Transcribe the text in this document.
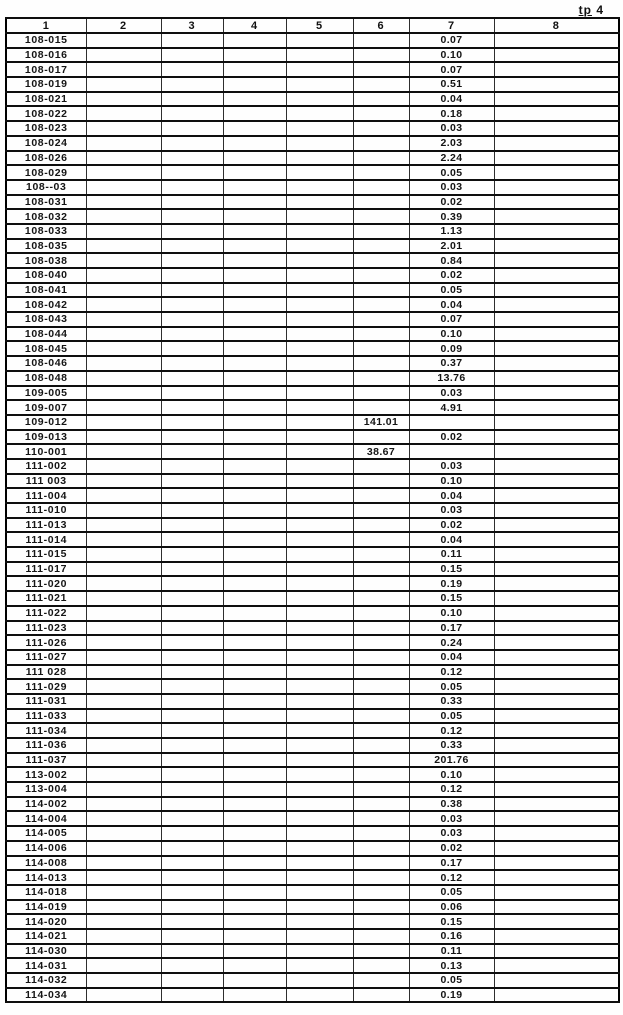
tp 4
1	2	3	4	5	6	7	8
108-015						0.07	
108-016						0.10	
108-017						0.07	
108-019						0.51	
108-021						0.04	
108-022						0.18	
108-023						0.03	
108-024						2.03	
108-026						2.24	
108-029						0.05	
108--03						0.03	
108-031						0.02	
108-032						0.39	
108-033						1.13	
108-035						2.01	
108-038						0.84	
108-040						0.02	
108-041						0.05	
108-042						0.04	
108-043						0.07	
108-044						0.10	
108-045						0.09	
108-046						0.37	
108-048						13.76	
109-005						0.03	
109-007						4.91	
109-012					141.01		
109-013						0.02	
110-001					38.67		
111-002						0.03	
111 003						0.10	
111-004						0.04	
111-010						0.03	
111-013						0.02	
111-014						0.04	
111-015						0.11	
111-017						0.15	
111-020						0.19	
111-021						0.15	
111-022						0.10	
111-023						0.17	
111-026						0.24	
111-027						0.04	
111 028						0.12	
111-029						0.05	
111-031						0.33	
111-033						0.05	
111-034						0.12	
111-036						0.33	
111-037						201.76	
113-002						0.10	
113-004						0.12	
114-002						0.38	
114-004						0.03	
114-005						0.03	
114-006						0.02	
114-008						0.17	
114-013						0.12	
114-018						0.05	
114-019						0.06	
114-020						0.15	
114-021						0.16	
114-030						0.11	
114-031						0.13	
114-032						0.05	
114-034						0.19	
